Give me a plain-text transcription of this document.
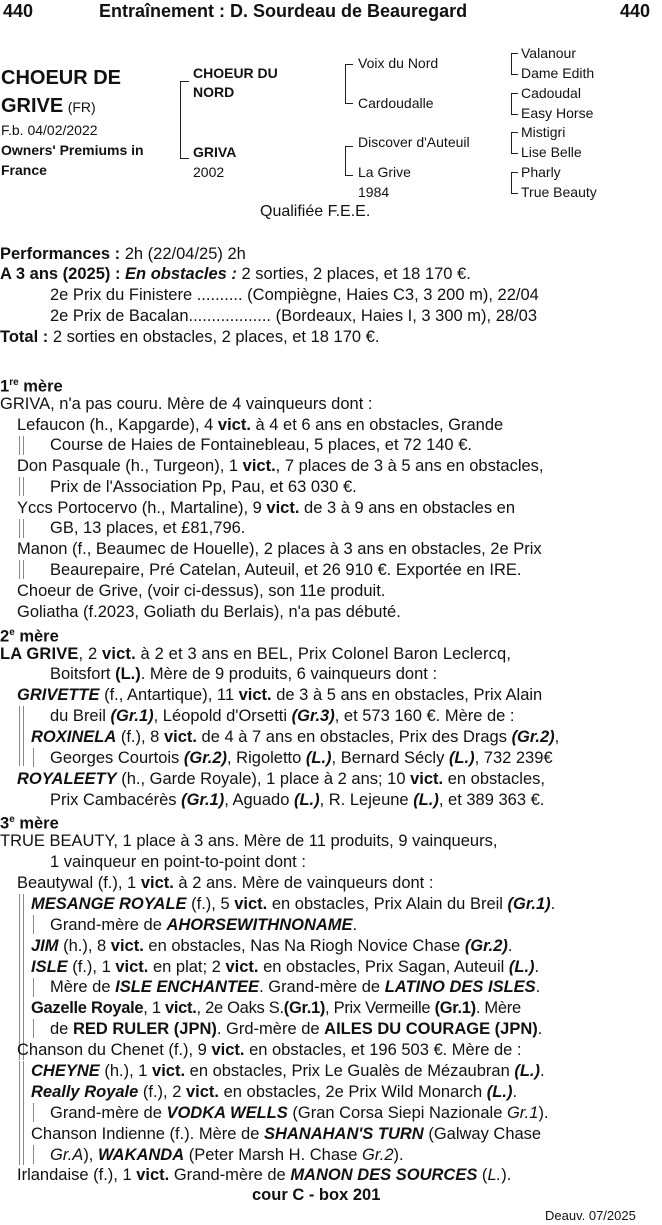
440	Entraînement : D. Sourdeau de Beauregard	440
CHOEUR DE
GRIVE (FR)
F.b. 04/02/2022
Owners' Premiums in
France
CHOEUR DU
NORD
GRIVA
2002
Voix du Nord
Cardoudalle
Discover d'Auteuil
La Grive
1984
Valanour
Dame Edith
Cadoudal
Easy Horse
Mistigri
Lise Belle
Pharly
True Beauty
Qualifiée F.E.E.
Performances : 2h (22/04/25) 2h
A 3 ans (2025) : En obstacles : 2 sorties, 2 places, et 18 170 €.
2e Prix du Finistere .......... (Compiègne, Haies C3, 3 200 m), 22/04
2e Prix de Bacalan.................. (Bordeaux, Haies I, 3 300 m), 28/03
Total : 2 sorties en obstacles, 2 places, et 18 170 €.
1re mère
GRIVA, n'a pas couru. Mère de 4 vainqueurs dont :
Lefaucon (h., Kapgarde), 4 vict. à 4 et 6 ans en obstacles, Grande
Course de Haies de Fontainebleau, 5 places, et 72 140 €.
Don Pasquale (h., Turgeon), 1 vict., 7 places de 3 à 5 ans en obstacles,
Prix de l'Association Pp, Pau, et 63 030 €.
Yccs Portocervo (h., Martaline), 9 vict. de 3 à 9 ans en obstacles en
GB, 13 places, et £81,796.
Manon (f., Beaumec de Houelle), 2 places à 3 ans en obstacles, 2e Prix
Beaurepaire, Pré Catelan, Auteuil, et 26 910 €. Exportée en IRE.
Choeur de Grive, (voir ci-dessus), son 11e produit.
Goliatha (f.2023, Goliath du Berlais), n'a pas débuté.
2e mère
LA GRIVE, 2 vict. à 2 et 3 ans en BEL, Prix Colonel Baron Leclercq,
Boitsfort (L.). Mère de 9 produits, 6 vainqueurs dont :
GRIVETTE (f., Antartique), 11 vict. de 3 à 5 ans en obstacles, Prix Alain
du Breil (Gr.1), Léopold d'Orsetti (Gr.3), et 573 160 €. Mère de :
ROXINELA (f.), 8 vict. de 4 à 7 ans en obstacles, Prix des Drags (Gr.2),
Georges Courtois (Gr.2), Rigoletto (L.), Bernard Sécly (L.), 732 239€
ROYALEETY (h., Garde Royale), 1 place à 2 ans; 10 vict. en obstacles,
Prix Cambacérès (Gr.1), Aguado (L.), R. Lejeune (L.), et 389 363 €.
3e mère
TRUE BEAUTY, 1 place à 3 ans. Mère de 11 produits, 9 vainqueurs,
1 vainqueur en point-to-point dont :
Beautywal (f.), 1 vict. à 2 ans. Mère de vainqueurs dont :
MESANGE ROYALE (f.), 5 vict. en obstacles, Prix Alain du Breil (Gr.1).
Grand-mère de AHORSEWITHNONAME.
JIM (h.), 8 vict. en obstacles, Nas Na Riogh Novice Chase (Gr.2).
ISLE (f.), 1 vict. en plat; 2 vict. en obstacles, Prix Sagan, Auteuil (L.).
Mère de ISLE ENCHANTEE. Grand-mère de LATINO DES ISLES.
Gazelle Royale, 1 vict., 2e Oaks S.(Gr.1), Prix Vermeille (Gr.1). Mère
de RED RULER (JPN). Grd-mère de AILES DU COURAGE (JPN).
Chanson du Chenet (f.), 9 vict. en obstacles, et 196 503 €. Mère de :
CHEYNE (h.), 1 vict. en obstacles, Prix Le Gualès de Mézaubran (L.).
Really Royale (f.), 2 vict. en obstacles, 2e Prix Wild Monarch (L.).
Grand-mère de VODKA WELLS (Gran Corsa Siepi Nazionale Gr.1).
Chanson Indienne (f.). Mère de SHANAHAN'S TURN (Galway Chase
Gr.A), WAKANDA (Peter Marsh H. Chase Gr.2).
Irlandaise (f.), 1 vict. Grand-mère de MANON DES SOURCES (L.).
cour C - box 201
Deauv. 07/2025
